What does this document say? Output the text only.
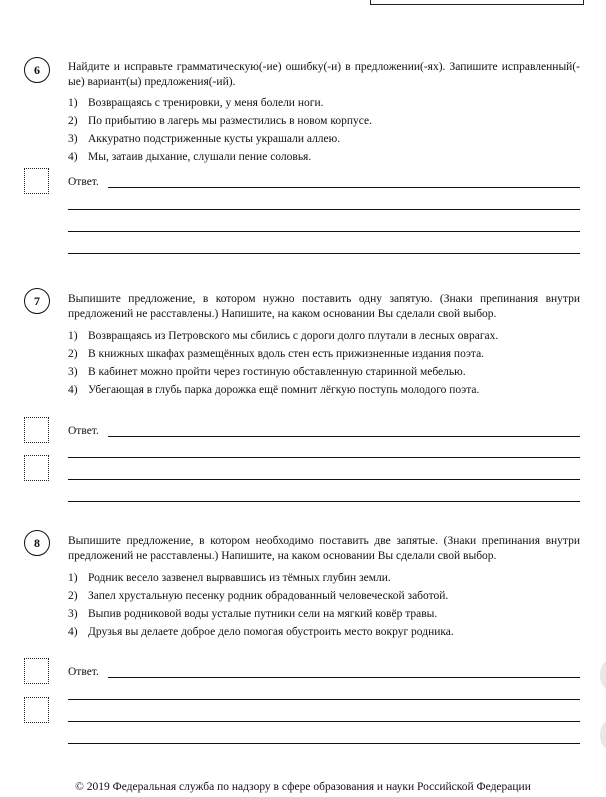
6	Найдите и исправьте грамматическую(-ие) ошибку(-и) в предложении(-ях). Запишите исправленный(-ые) вариант(ы) предложения(-ий).

1) Возвращаясь с тренировки, у меня болели ноги.
2) По прибытию в лагерь мы разместились в новом корпусе.
3) Аккуратно подстриженные кусты украшали аллею.
4) Мы, затаив дыхание, слушали пение соловья.
Ответ.
7	Выпишите предложение, в котором нужно поставить одну запятую. (Знаки препинания внутри предложений не расставлены.) Напишите, на каком основании Вы сделали свой выбор.

1) Возвращаясь из Петровского мы сбились с дороги долго плутали в лесных оврагах.
2) В книжных шкафах размещённых вдоль стен есть прижизненные издания поэта.
3) В кабинет можно пройти через гостиную обставленную старинной мебелью.
4) Убегающая в глубь парка дорожка ещё помнит лёгкую поступь молодого поэта.
Ответ.
8	Выпишите предложение, в котором необходимо поставить две запятые. (Знаки препинания внутри предложений не расставлены.) Напишите, на каком основании Вы сделали свой выбор.

1) Родник весело зазвенел вырвавшись из тёмных глубин земли.
2) Запел хрустальную песенку родник обрадованный человеческой заботой.
3) Выпив родниковой воды усталые путники сели на мягкий ковёр травы.
4) Друзья вы делаете доброе дело помогая обустроить место вокруг родника.
Ответ.
© 2019 Федеральная служба по надзору в сфере образования и науки Российской Федерации
